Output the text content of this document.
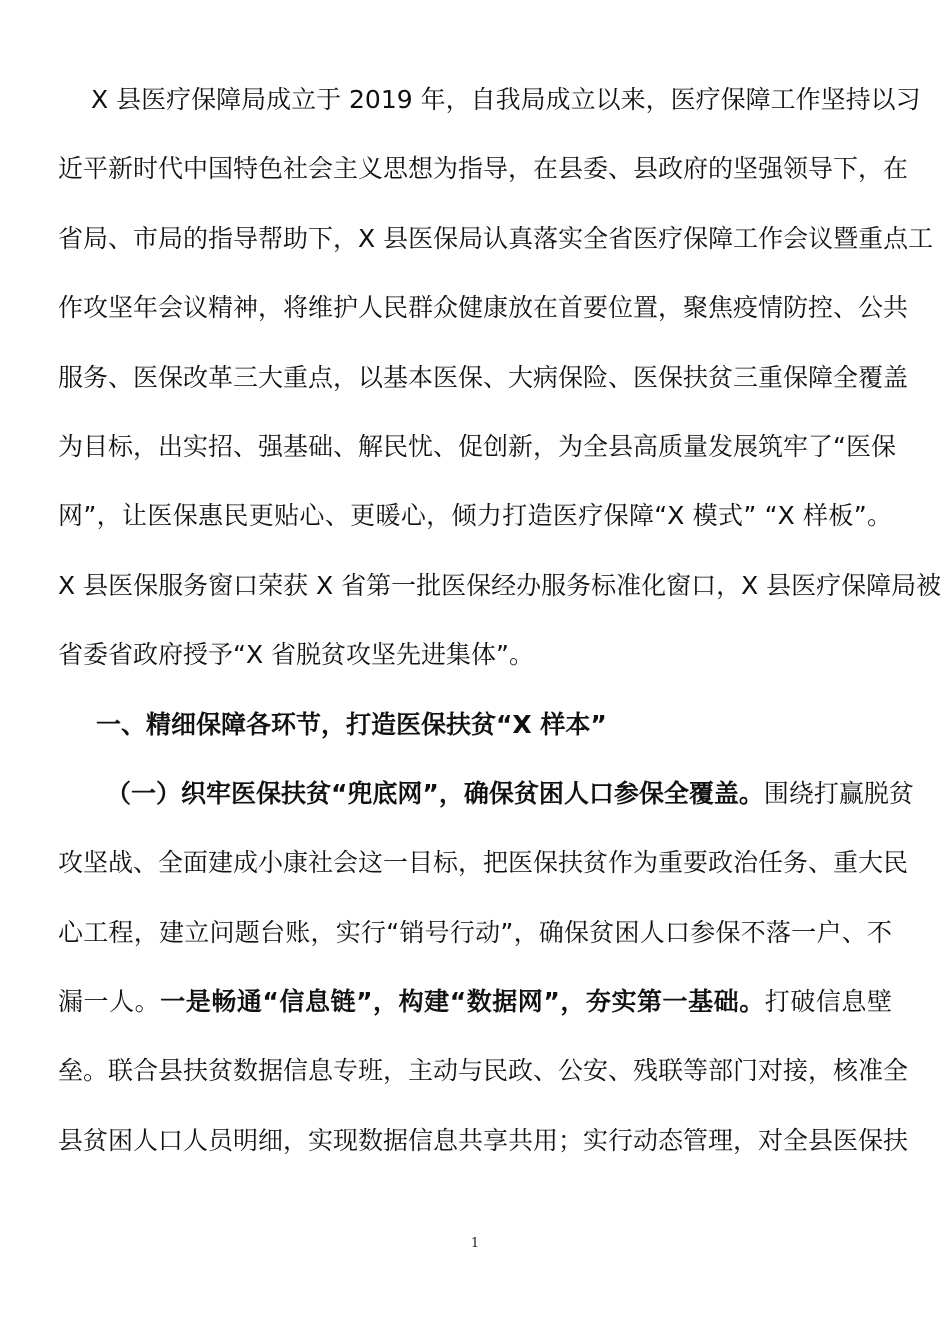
X 县医疗保障局成立于 2019 年，自我局成立以来，医疗保障工作坚持以习
近平新时代中国特色社会主义思想为指导，在县委、县政府的坚强领导下，在
省局、市局的指导帮助下，X 县医保局认真落实全省医疗保障工作会议暨重点工
作攻坚年会议精神，将维护人民群众健康放在首要位置，聚焦疫情防控、公共
服务、医保改革三大重点，以基本医保、大病保险、医保扶贫三重保障全覆盖
为目标，出实招、强基础、解民忧、促创新，为全县高质量发展筑牢了“医保
网”，让医保惠民更贴心、更暖心，倾力打造医疗保障“X 模式” “X 样板”。
X 县医保服务窗口荣获 X 省第一批医保经办服务标准化窗口，X 县医疗保障局被
省委省政府授予“X 省脱贫攻坚先进集体”。
一、精细保障各环节，打造医保扶贫“X 样本”
（一）织牢医保扶贫“兜底网”，确保贫困人口参保全覆盖。围绕打赢脱贫
攻坚战、全面建成小康社会这一目标，把医保扶贫作为重要政治任务、重大民
心工程，建立问题台账，实行“销号行动”，确保贫困人口参保不落一户、不
漏一人。一是畅通“信息链”，构建“数据网”，夯实第一基础。打破信息壁
垒。联合县扶贫数据信息专班，主动与民政、公安、残联等部门对接，核准全
县贫困人口人员明细，实现数据信息共享共用；实行动态管理，对全县医保扶
1
